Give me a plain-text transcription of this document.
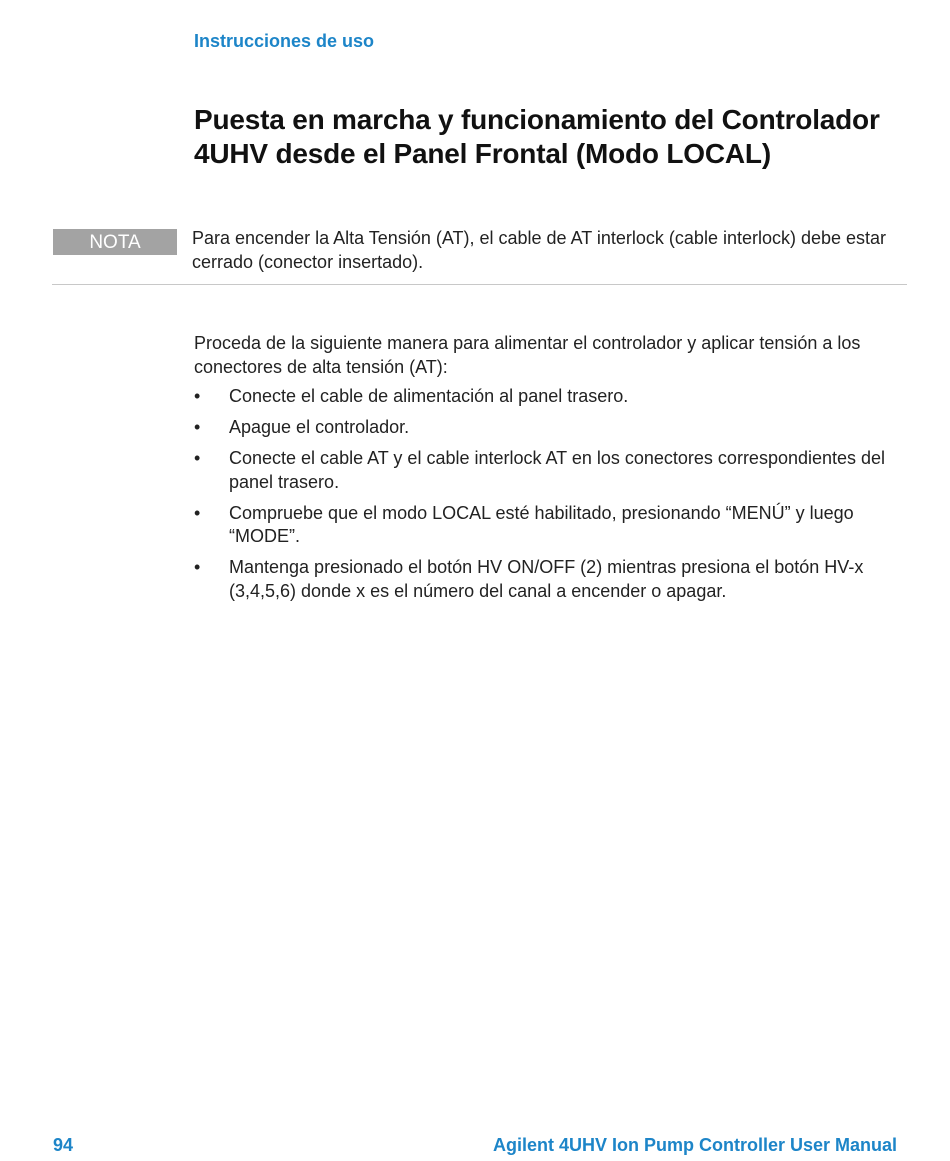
Instrucciones de uso
Puesta en marcha y funcionamiento del Controlador 4UHV desde el Panel Frontal (Modo LOCAL)
NOTA	Para encender la Alta Tensión (AT), el cable de AT interlock (cable interlock) debe estar cerrado (conector insertado).

Proceda de la siguiente manera para alimentar el controlador y aplicar tensión a los conectores de alta tensión (AT):

•	Conecte el cable de alimentación al panel trasero.
•	Apague el controlador.
•	Conecte el cable AT y el cable interlock AT en los conectores correspondientes del panel trasero.
•	Compruebe que el modo LOCAL esté habilitado, presionando “MENÚ” y luego “MODE”.
•	Mantenga presionado el botón HV ON/OFF (2) mientras presiona el botón HV-x (3,4,5,6) donde x es el número del canal a encender o apagar.
94	Agilent 4UHV Ion Pump Controller User Manual
